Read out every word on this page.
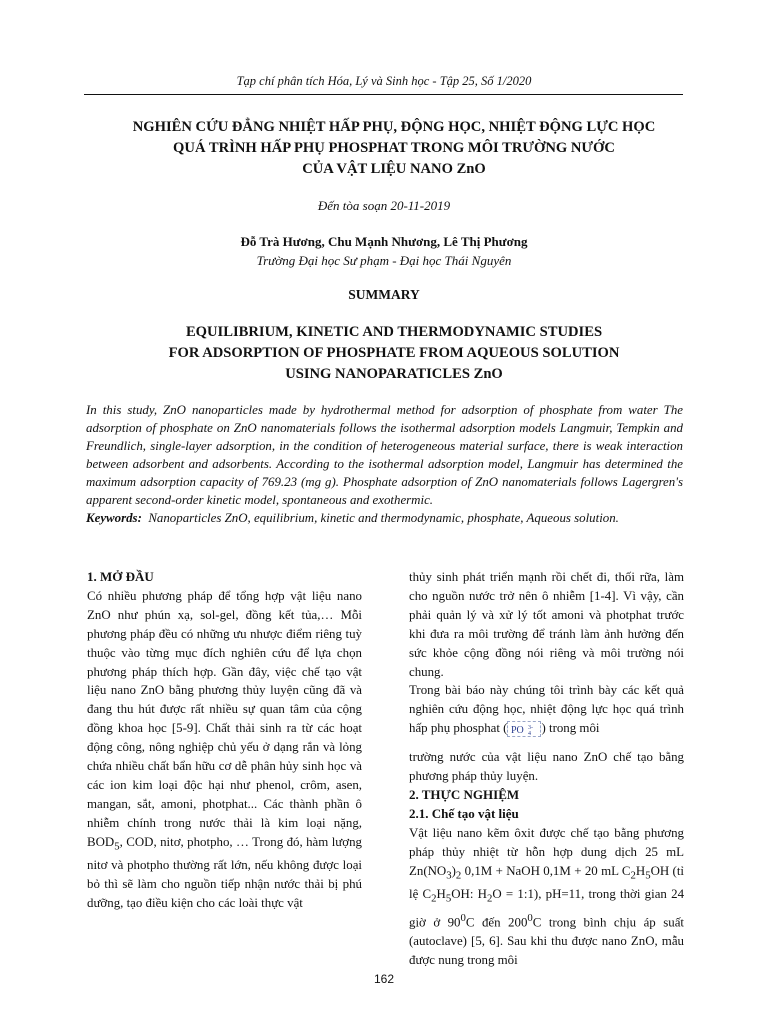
Tạp chí phân tích Hóa, Lý và Sinh học - Tập 25, Số 1/2020
NGHIÊN CỨU ĐẲNG NHIỆT HẤP PHỤ, ĐỘNG HỌC, NHIỆT ĐỘNG LỰC HỌC
QUÁ TRÌNH HẤP PHỤ PHOSPHAT TRONG MÔI TRƯỜNG NƯỚC
CỦA VẬT LIỆU NANO ZnO
Đến tòa soạn 20-11-2019
Đỗ Trà Hương, Chu Mạnh Nhương, Lê Thị Phương
Trường Đại học Sư phạm - Đại học Thái Nguyên
SUMMARY
EQUILIBRIUM, KINETIC AND THERMODYNAMIC STUDIES
FOR ADSORPTION OF PHOSPHATE FROM AQUEOUS SOLUTION
USING NANOPARATICLES ZnO

In this study, ZnO nanoparticles made by hydrothermal method for adsorption of phosphate from water The adsorption of phosphate on ZnO nanomaterials follows the isothermal adsorption models Langmuir, Tempkin and Freundlich, single-layer adsorption, in the condition of heterogeneous material surface, there is weak interaction between adsorbent and adsorbents. According to the isothermal adsorption model, Langmuir has determined the maximum adsorption capacity of 769.23 (mg g). Phosphate adsorption of ZnO nanomaterials follows Lagergren's apparent second-order kinetic model, spontaneous and exothermic.

Keywords: Nanoparticles ZnO, equilibrium, kinetic and thermodynamic, phosphate, Aqueous solution.

1. MỞ ĐẦU

Có nhiều phương pháp để tổng hợp vật liệu nano ZnO như phún xạ, sol-gel, đồng kết tủa,… Mỗi phương pháp đều có những ưu nhược điểm riêng tuỳ thuộc vào từng mục đích nghiên cứu để lựa chọn phương pháp thích hợp. Gần đây, việc chế tạo vật liệu nano ZnO bằng phương thủy luyện cũng đã và đang thu hút được rất nhiều sự quan tâm của cộng đồng khoa học [5-9]. Chất thải sinh ra từ các hoạt động công, nông nghiệp chủ yếu ở dạng rắn và lỏng chứa nhiều chất bẩn hữu cơ dễ phân hủy sinh học và các ion kim loại độc hại như phenol, crôm, asen, mangan, sắt, amoni, photphat... Các thành phần ô nhiễm chính trong nước thải là kim loại nặng, $BOD_5$, COD, nitơ, photpho, … Trong đó, hàm lượng nitơ và photpho thường rất lớn, nếu không được loại bỏ thì sẽ làm cho nguồn tiếp nhận nước thải bị phú dưỡng, tạo điều kiện cho các loài thực vật

thủy sinh phát triển mạnh rồi chết đi, thối rữa, làm cho nguồn nước trở nên ô nhiễm [1-4]. Vì vậy, cần phải quản lý và xử lý tốt amoni và photphat trước khi đưa ra môi trường để tránh làm ảnh hưởng đến sức khỏe cộng đồng nói riêng và môi trường nói chung.

Trong bài báo này chúng tôi trình bày các kết quả nghiên cứu động học, nhiệt động lực học quá trình hấp phụ phosphat ( PO 3-
4 ) trong môi

trường nước của vật liệu nano ZnO chế tạo bằng phương pháp thủy luyện.

2. THỰC NGHIỆM
2.1. Chế tạo vật liệu

Vật liệu nano kẽm ôxit được chế tạo bằng phương pháp thủy nhiệt từ hỗn hợp dung dịch 25 mL $Zn(NO_3)_2$ 0,1M + NaOH 0,1M + 20 mL $C_2H_5OH$ (tỉ lệ $C_2H_5OH$: $H_2O$ = 1:1), pH=11, trong thời gian 24 giờ ở $90^0C$ đến $200^0C$ trong bình chịu áp suất (autoclave) [5, 6]. Sau khi thu được nano ZnO, mẫu được nung trong môi

162
